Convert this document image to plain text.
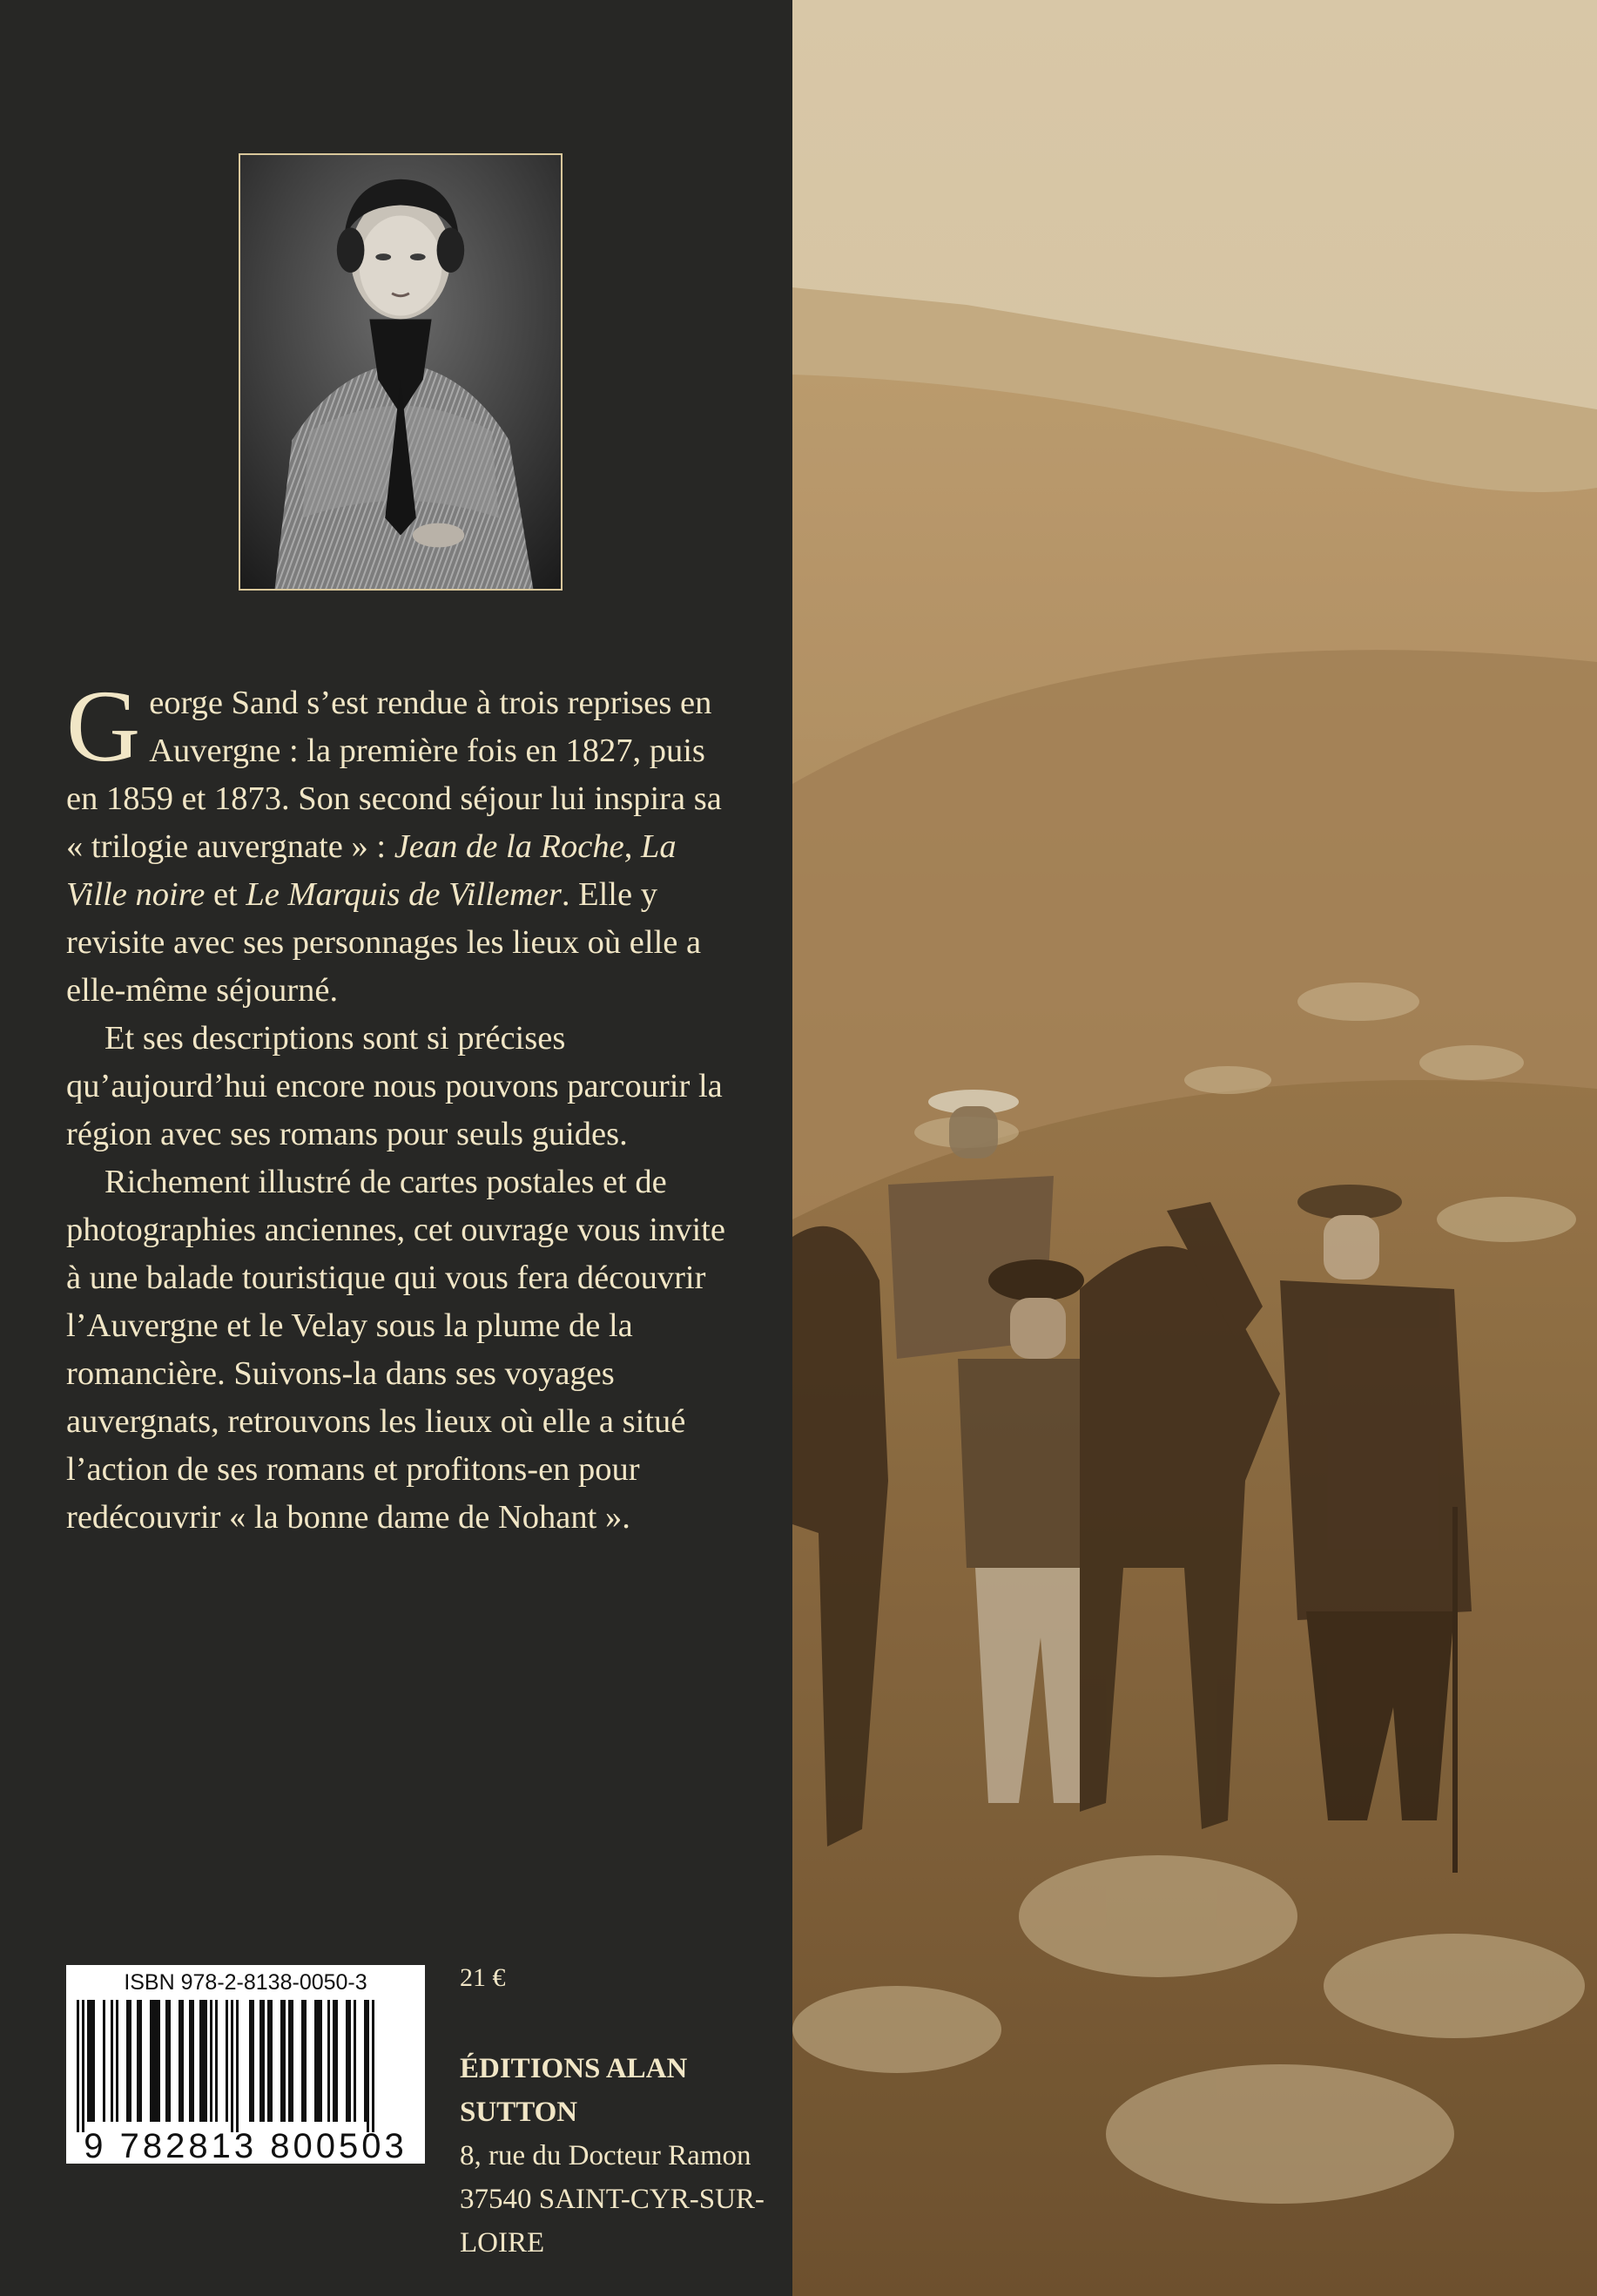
George Sand s’est rendue à trois reprises en Auvergne : la première fois en 1827, puis en 1859 et 1873. Son second séjour lui inspira sa « trilogie auvergnate » : Jean de la Roche, La Ville noire et Le Marquis de Villemer. Elle y revisite avec ses personnages les lieux où elle a elle-même séjourné.

Et ses descriptions sont si précises qu’aujourd’hui encore nous pouvons parcourir la région avec ses romans pour seuls guides.

Richement illustré de cartes postales et de photographies anciennes, cet ouvrage vous invite à une balade touristique qui vous fera découvrir l’Auvergne et le Velay sous la plume de la romancière. Suivons-la dans ses voyages auvergnats, retrouvons les lieux où elle a situé l’action de ses romans et profitons-en pour redécouvrir « la bonne dame de Nohant ».

ISBN 978-2-8138-0050-3
9 782813 800503
21 €
ÉDITIONS ALAN SUTTON
8, rue du Docteur Ramon
37540 SAINT-CYR-SUR-LOIRE
